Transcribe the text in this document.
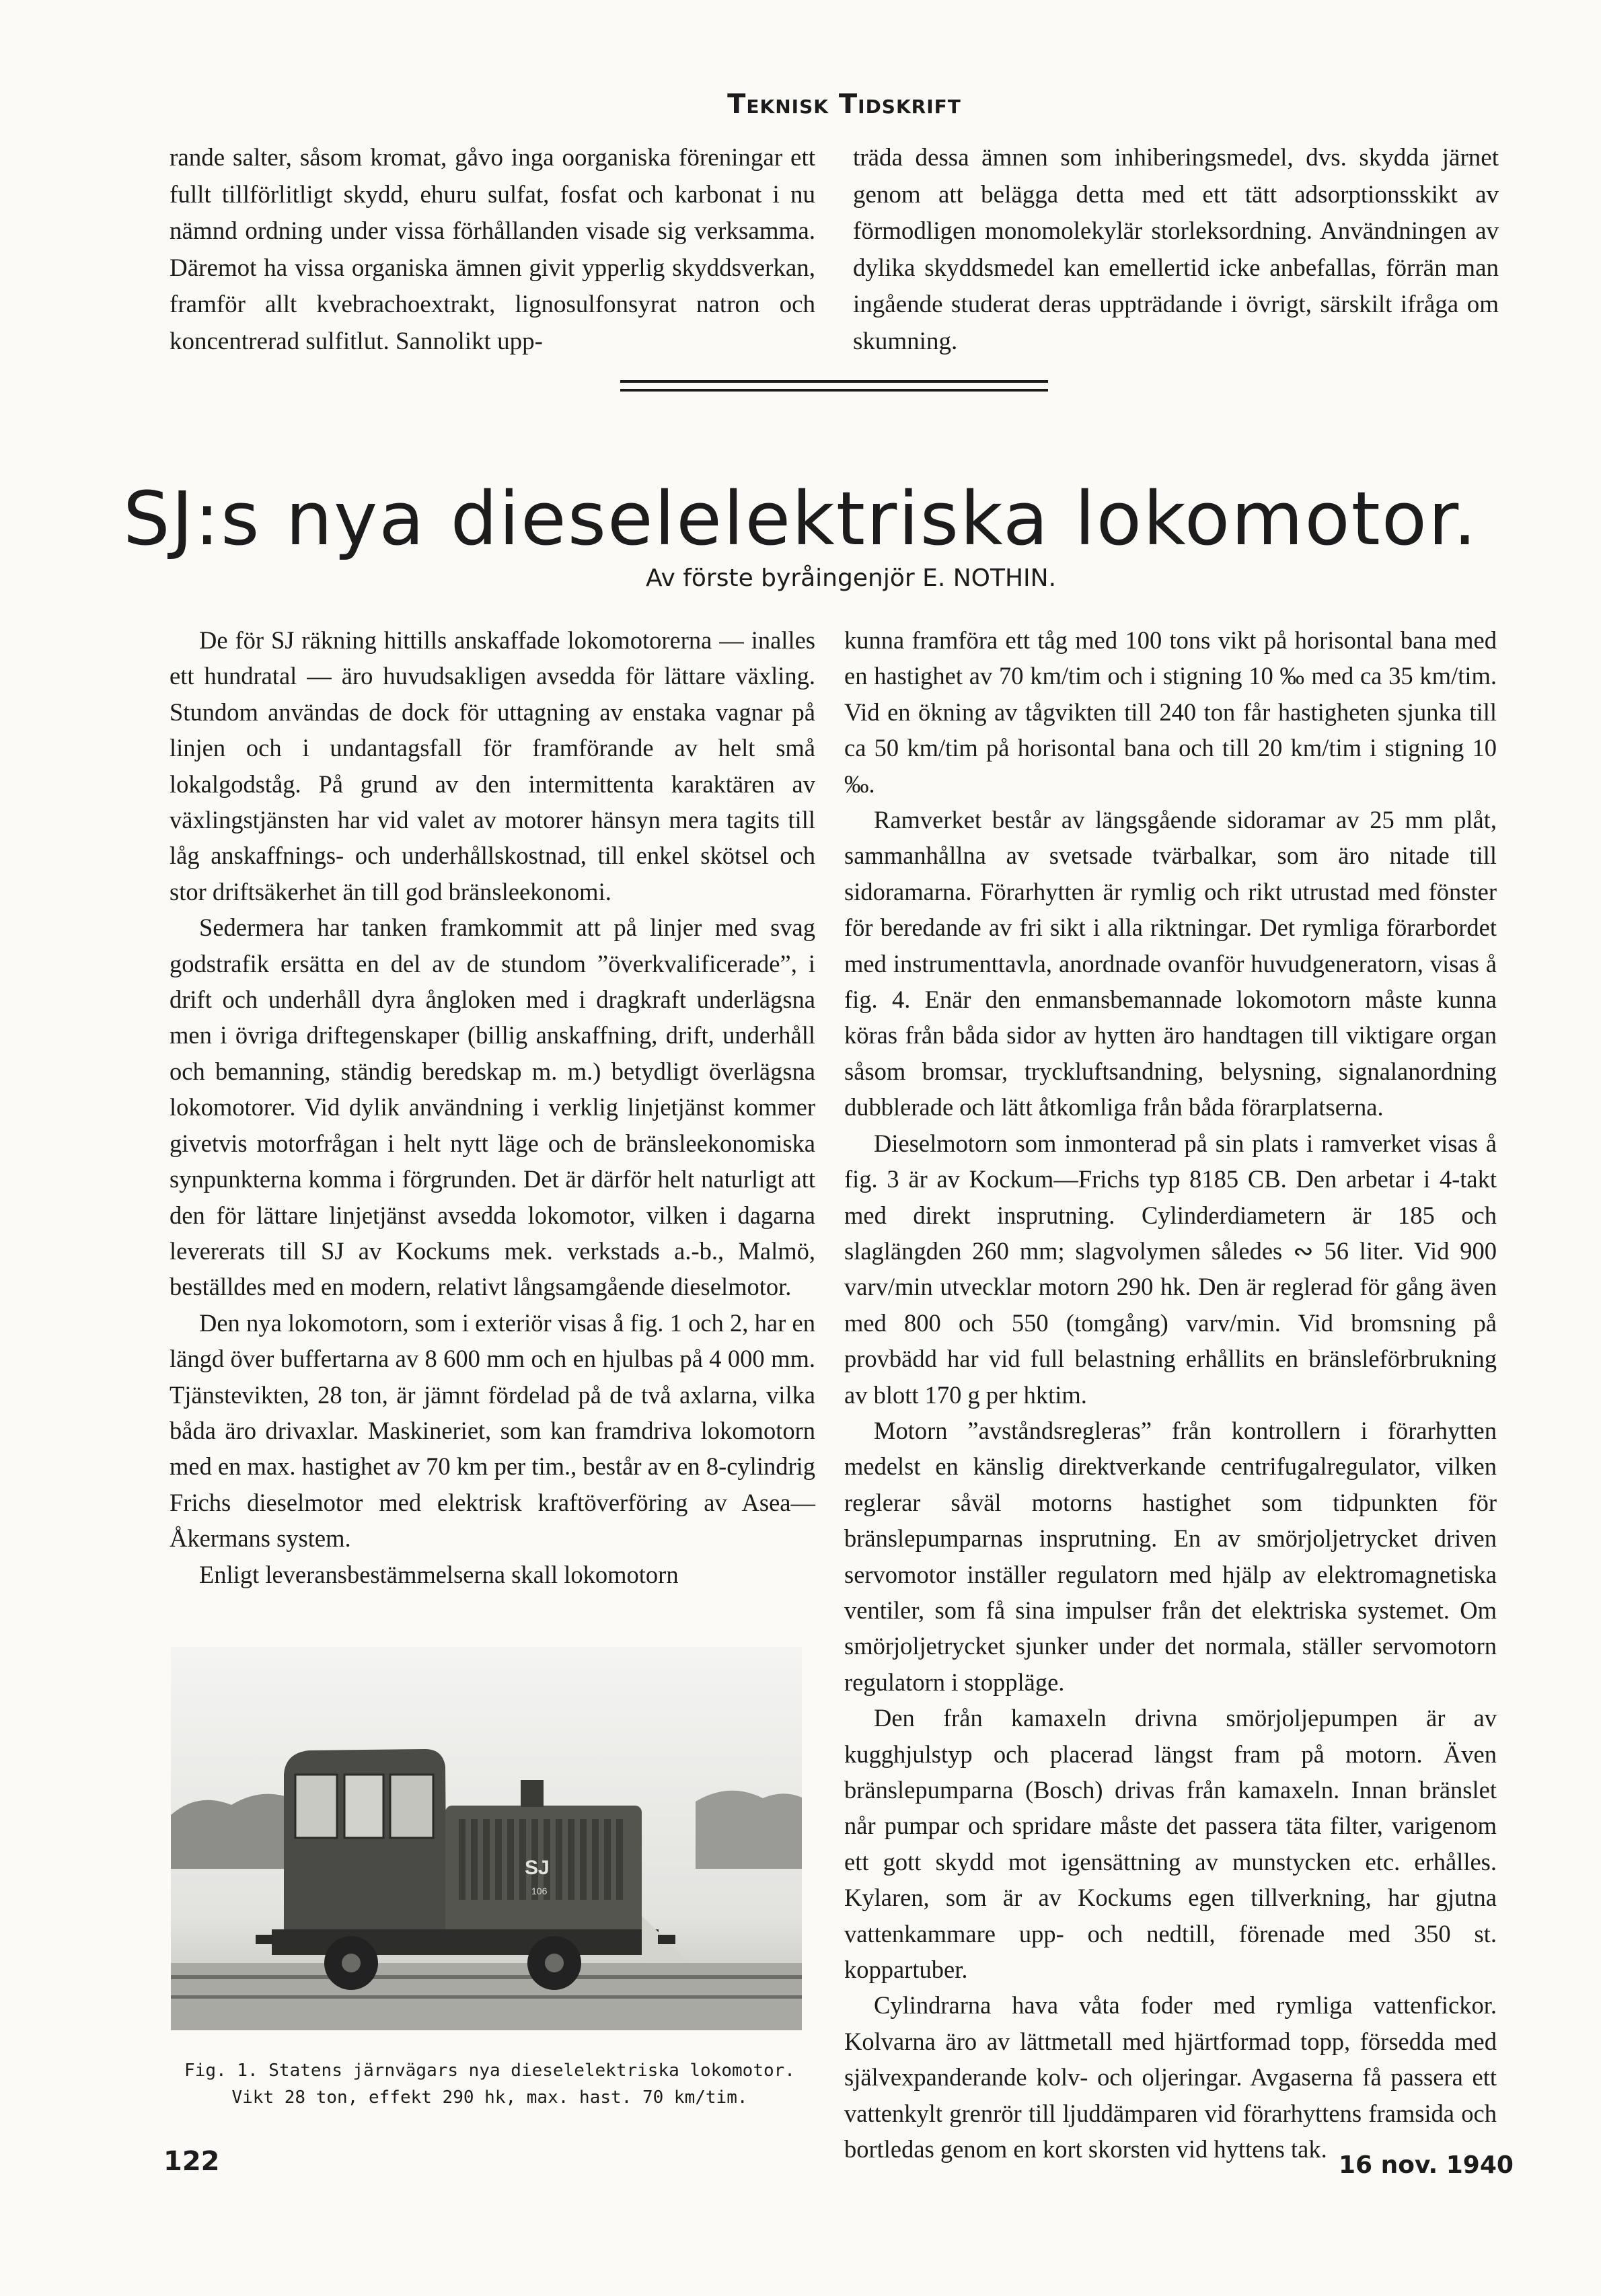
Teknisk Tidskrift

rande salter, såsom kromat, gåvo inga oorganiska föreningar ett fullt tillförlitligt skydd, ehuru sulfat, fosfat och karbonat i nu nämnd ordning under vissa förhållanden visade sig verksamma. Däremot ha vissa organiska ämnen givit ypperlig skyddsverkan, framför allt kvebrachoextrakt, lignosulfonsyrat natron och koncentrerad sulfitlut. Sannolikt upp-

träda dessa ämnen som inhiberingsmedel, dvs. skydda järnet genom att belägga detta med ett tätt adsorptionsskikt av förmodligen monomolekylär storleksordning. Användningen av dylika skyddsmedel kan emellertid icke anbefallas, förrän man ingående studerat deras uppträdande i övrigt, särskilt ifråga om skumning.

SJ:s nya dieselelektriska lokomotor.
Av förste byråingenjör E. NOTHIN.

De för SJ räkning hittills anskaffade lokomotorerna — inalles ett hundratal — äro huvudsakligen avsedda för lättare växling. Stundom användas de dock för uttagning av enstaka vagnar på linjen och i undantagsfall för framförande av helt små lokalgodståg. På grund av den intermittenta karaktären av växlingstjänsten har vid valet av motorer hänsyn mera tagits till låg anskaffnings- och underhållskostnad, till enkel skötsel och stor driftsäkerhet än till god bränsleekonomi.

Sedermera har tanken framkommit att på linjer med svag godstrafik ersätta en del av de stundom ”överkvalificerade”, i drift och underhåll dyra ångloken med i dragkraft underlägsna men i övriga driftegenskaper (billig anskaffning, drift, underhåll och bemanning, ständig beredskap m. m.) betydligt överlägsna lokomotorer. Vid dylik användning i verklig linjetjänst kommer givetvis motorfrågan i helt nytt läge och de bränsleekonomiska synpunkterna komma i förgrunden. Det är därför helt naturligt att den för lättare linjetjänst avsedda lokomotor, vilken i dagarna levererats till SJ av Kockums mek. verkstads a.-b., Malmö, beställdes med en modern, relativt långsamgående dieselmotor.

Den nya lokomotorn, som i exteriör visas å fig. 1 och 2, har en längd över buffertarna av 8 600 mm och en hjulbas på 4 000 mm. Tjänstevikten, 28 ton, är jämnt fördelad på de två axlarna, vilka båda äro drivaxlar. Maskineriet, som kan framdriva lokomotorn med en max. hastighet av 70 km per tim., består av en 8-cylindrig Frichs dieselmotor med elektrisk kraftöverföring av Asea—Åkermans system.

Enligt leveransbestämmelserna skall lokomotorn

kunna framföra ett tåg med 100 tons vikt på horisontal bana med en hastighet av 70 km/tim och i stigning 10 ‰ med ca 35 km/tim. Vid en ökning av tågvikten till 240 ton får hastigheten sjunka till ca 50 km/tim på horisontal bana och till 20 km/tim i stigning 10 ‰.

Ramverket består av längsgående sidoramar av 25 mm plåt, sammanhållna av svetsade tvärbalkar, som äro nitade till sidoramarna. Förarhytten är rymlig och rikt utrustad med fönster för beredande av fri sikt i alla riktningar. Det rymliga förarbordet med instrumenttavla, anordnade ovanför huvudgeneratorn, visas å fig. 4. Enär den enmansbemannade lokomotorn måste kunna köras från båda sidor av hytten äro handtagen till viktigare organ såsom bromsar, tryckluftsandning, belysning, signalanordning dubblerade och lätt åtkomliga från båda förarplatserna.

Dieselmotorn som inmonterad på sin plats i ramverket visas å fig. 3 är av Kockum—Frichs typ 8185 CB. Den arbetar i 4-takt med direkt insprutning. Cylinderdiametern är 185 och slaglängden 260 mm; slagvolymen således ∾ 56 liter. Vid 900 varv/min utvecklar motorn 290 hk. Den är reglerad för gång även med 800 och 550 (tomgång) varv/min. Vid bromsning på provbädd har vid full belastning erhållits en bränsleförbrukning av blott 170 g per hktim.

Motorn ”avståndsregleras” från kontrollern i förarhytten medelst en känslig direktverkande centrifugalregulator, vilken reglerar såväl motorns hastighet som tidpunkten för bränslepumparnas insprutning. En av smörjoljetrycket driven servomotor inställer regulatorn med hjälp av elektromagnetiska ventiler, som få sina impulser från det elektriska systemet. Om smörjoljetrycket sjunker under det normala, ställer servomotorn regulatorn i stoppläge.

Den från kamaxeln drivna smörjoljepumpen är av kugghjulstyp och placerad längst fram på motorn. Även bränslepumparna (Bosch) drivas från kamaxeln. Innan bränslet når pumpar och spridare måste det passera täta filter, varigenom ett gott skydd mot igensättning av munstycken etc. erhålles. Kylaren, som är av Kockums egen tillverkning, har gjutna vattenkammare upp- och nedtill, förenade med 350 st. koppartuber.

Cylindrarna hava våta foder med rymliga vattenfickor. Kolvarna äro av lättmetall med hjärtformad topp, försedda med självexpanderande kolv- och oljeringar. Avgaserna få passera ett vattenkylt grenrör till ljuddämparen vid förarhyttens framsida och bortledas genom en kort skorsten vid hyttens tak.

SJ
106
Fig. 1. Statens järnvägars nya dieselelektriska lokomotor.
Vikt 28 ton, effekt 290 hk, max. hast. 70 km/tim.
122	16 nov. 1940
